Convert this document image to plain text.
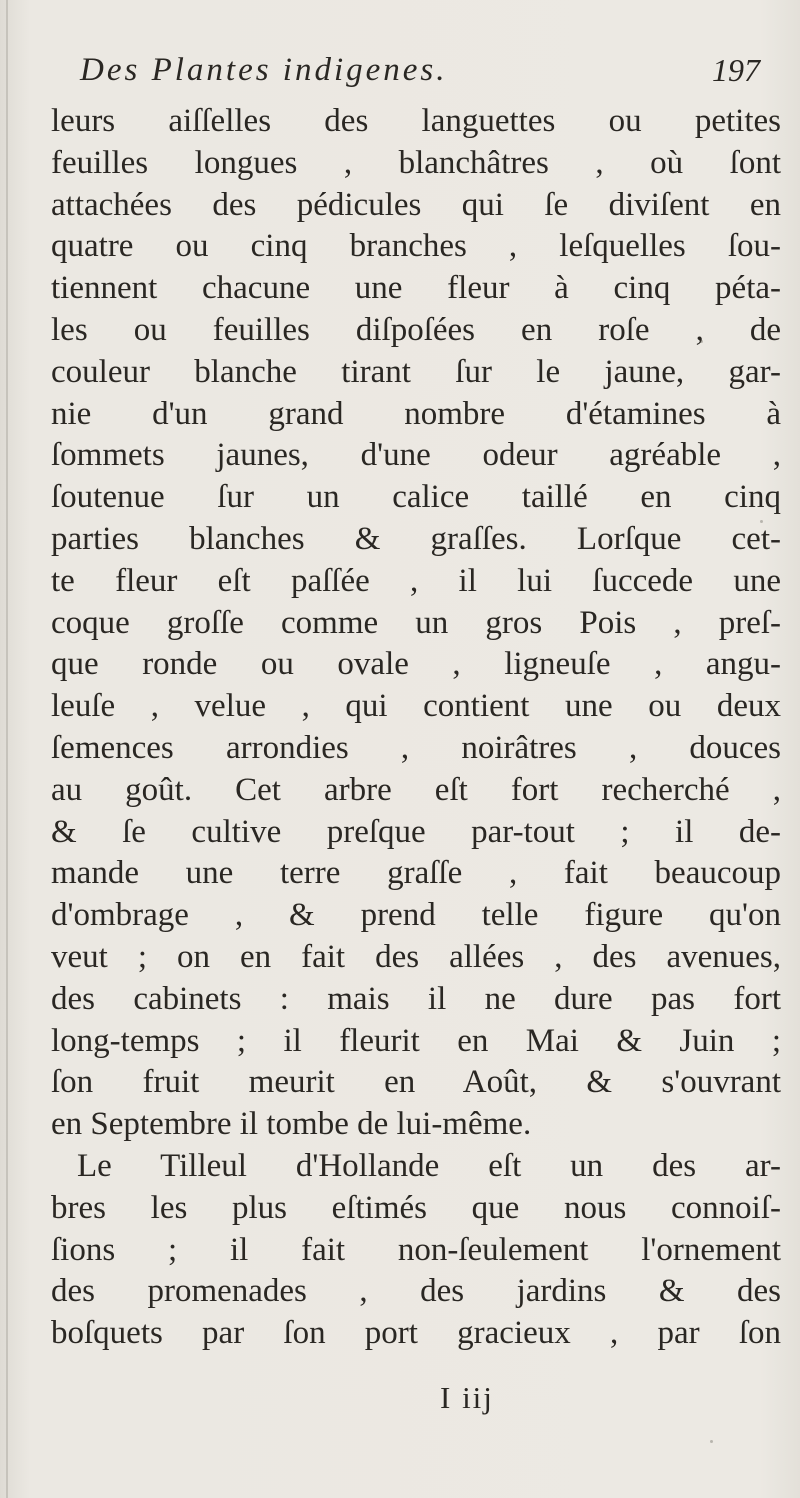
Des Plantes indigenes.	197
leurs aiſſelles des languettes ou petites
feuilles longues , blanchâtres , où ſont
attachées des pédicules qui ſe diviſent en
quatre ou cinq branches , leſquelles ſou-
tiennent chacune une fleur à cinq péta-
les ou feuilles diſpoſées en roſe , de
couleur blanche tirant ſur le jaune, gar-
nie d'un grand nombre d'étamines à
ſommets jaunes, d'une odeur agréable ,
ſoutenue ſur un calice taillé en cinq
parties blanches & graſſes. Lorſque cet-
te fleur eſt paſſée , il lui ſuccede une
coque groſſe comme un gros Pois , preſ-
que ronde ou ovale , ligneuſe , angu-
leuſe , velue , qui contient une ou deux
ſemences arrondies , noirâtres , douces
au goût. Cet arbre eſt fort recherché ,
& ſe cultive preſque par-tout ; il de-
mande une terre graſſe , fait beaucoup
d'ombrage , & prend telle figure qu'on
veut ; on en fait des allées , des avenues,
des cabinets : mais il ne dure pas fort
long-temps ; il fleurit en Mai & Juin ;
ſon fruit meurit en Août, & s'ouvrant
en Septembre il tombe de lui-même.
Le Tilleul d'Hollande eſt un des ar-
bres les plus eſtimés que nous connoiſ-
ſions ; il fait non-ſeulement l'ornement
des promenades , des jardins & des
boſquets par ſon port gracieux , par ſon
I iij
